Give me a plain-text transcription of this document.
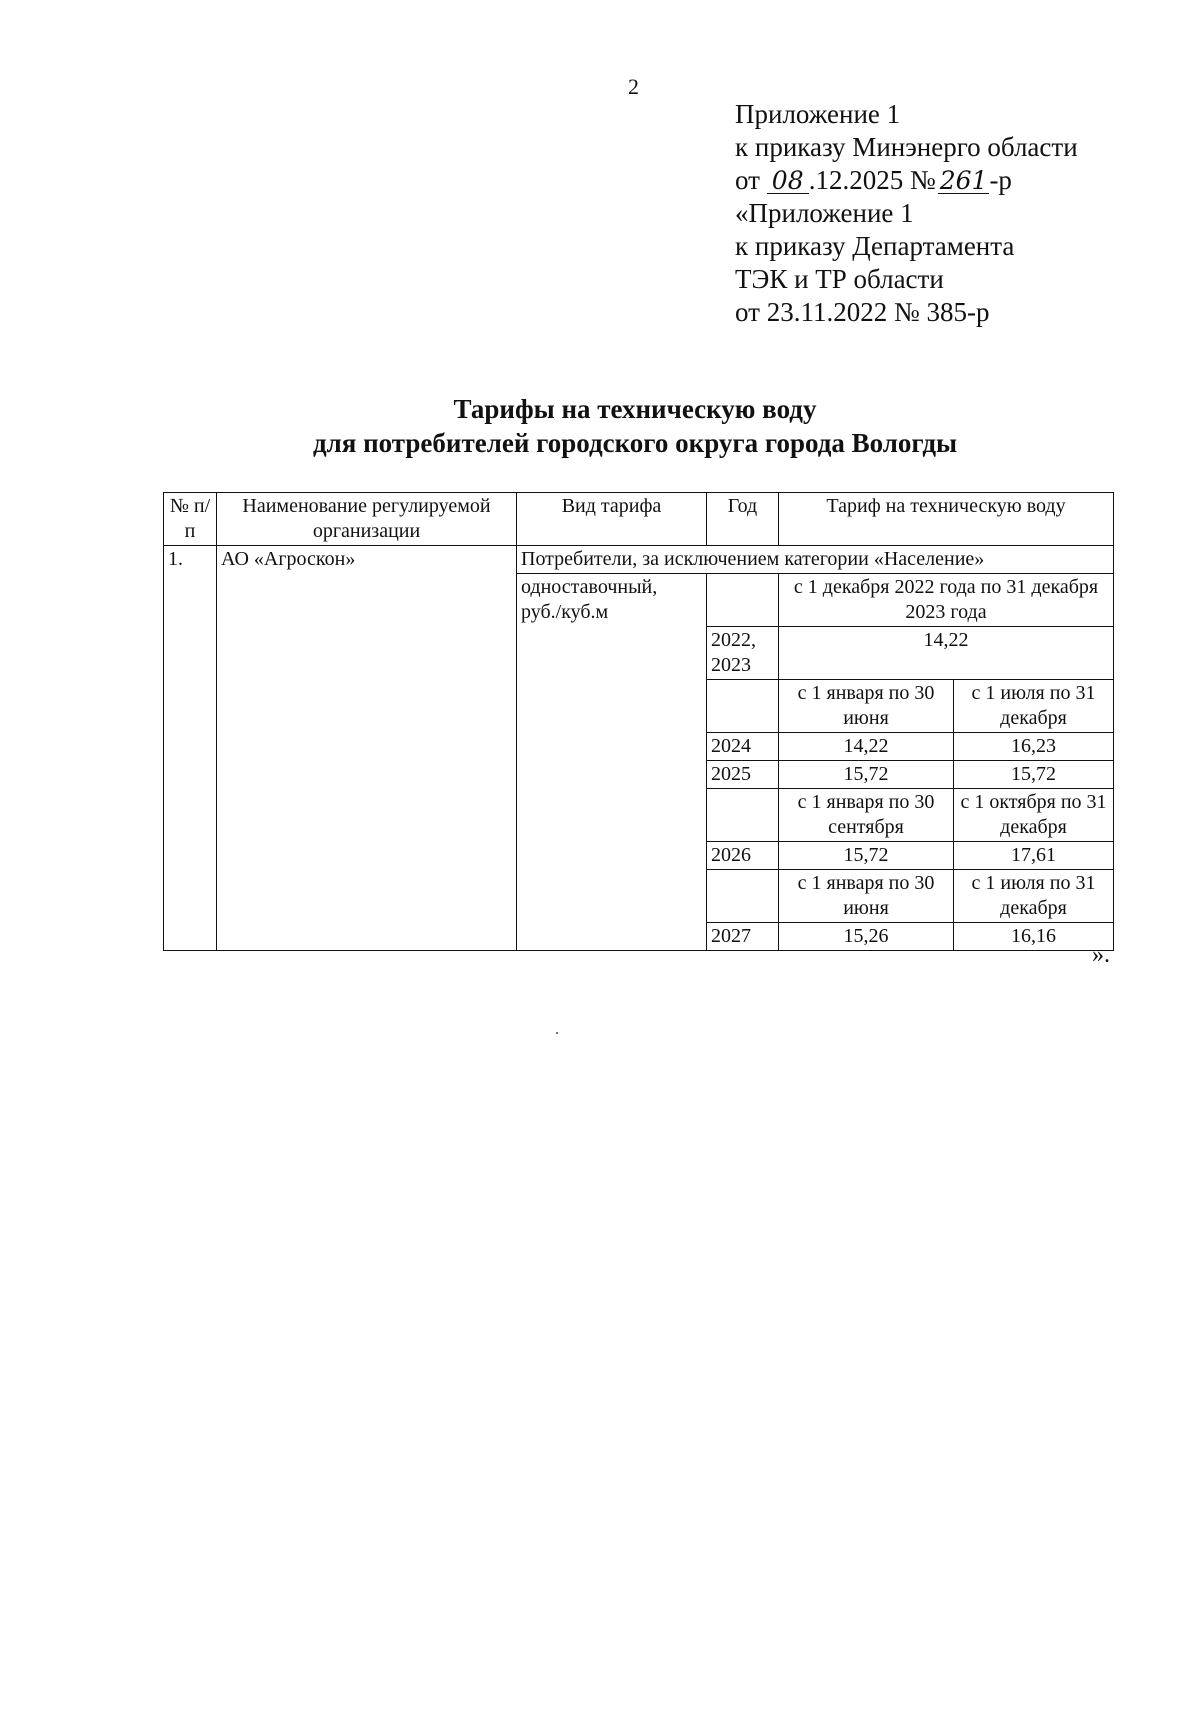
2
Приложение 1
к приказу Минэнерго области
от 08 .12.2025 № 261-р
«Приложение 1
к приказу Департамента
ТЭК и ТР области
от 23.11.2022 № 385-р
Тарифы на техническую воду
для потребителей городского округа города Вологды
№ п/п	Наименование регулируемой организации	Вид тарифа	Год	Тариф на техническую воду	
1.	АО «Агроскон»	Потребители, за исключением категории «Население»			
		одноставочный, руб./куб.м		с 1 декабря 2022 года по 31 декабря 2023 года	
			2022, 2023	14,22	
				с 1 января по 30 июня	с 1 июля по 31 декабря
			2024	14,22	16,23
			2025	15,72	15,72
				с 1 января по 30 сентября	с 1 октября по 31 декабря
			2026	15,72	17,61
				с 1 января по 30 июня	с 1 июля по 31 декабря
			2027	15,26	16,16
».
